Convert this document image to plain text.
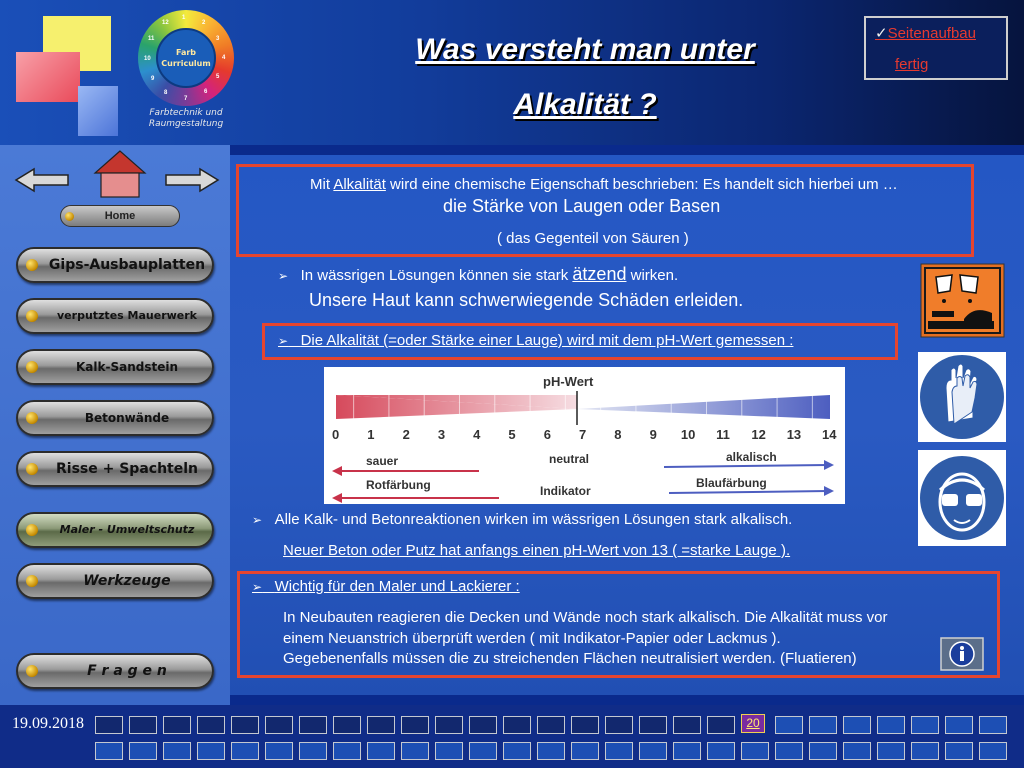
1
2
3
4
5
6
7
8
9
10
11
12
Farb
Curriculum
Farbtechnik und
Raumgestaltung
Was versteht man unter
Alkalität ?
✓Seitenaufbau
fertig
Home
Gips-Ausbauplatten
verputztes Mauerwerk
Kalk-Sandstein
Betonwände
Risse + Spachteln
Maler - Umweltschutz
Werkzeuge
F r a g e n
Mit Alkalität wird eine chemische Eigenschaft beschrieben: Es handelt sich hierbei um …
die Stärke von Laugen oder Basen
( das Gegenteil von Säuren )
➢ In wässrigen Lösungen können sie stark ätzend wirken.
Unsere Haut kann schwerwiegende Schäden erleiden.
➢ Die Alkalität (=oder Stärke einer Lauge) wird mit dem pH-Wert gemessen :
pH-Wert
0 1 2 3 4 5 6 7 8 9 10 11 12 13 14
sauer	neutral	alkalisch
Rotfärbung	Indikator
Blaufärbung
➢ Alle Kalk- und Betonreaktionen wirken im wässrigen Lösungen stark alkalisch.
Neuer Beton oder Putz hat anfangs einen pH-Wert von 13 ( =starke Lauge ).
➢ Wichtig für den Maler und Lackierer :
In Neubauten reagieren die Decken und Wände noch stark alkalisch. Die Alkalität muss vor
einem Neuanstrich überprüft werden ( mit Indikator-Papier oder Lackmus ).
Gegebenenfalls müssen die zu streichenden Flächen neutralisiert werden. (Fluatieren)
19.09.2018	20
